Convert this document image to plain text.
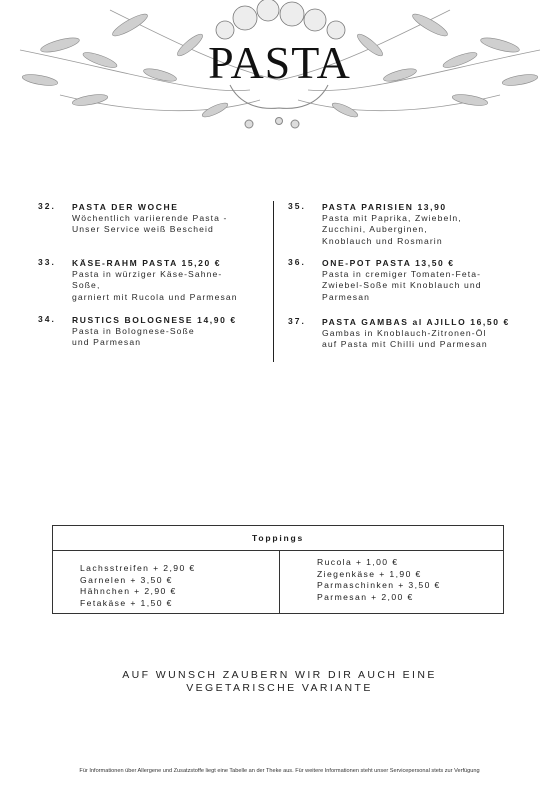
PASTA
32. PASTA DER WOCHE
Wöchentlich variierende Pasta -
Unser Service weiß Bescheid
33. KÄSE-RAHM PASTA 15,20 €
Pasta in würziger Käse-Sahne-
Soße,
garniert mit Rucola und Parmesan
34. RUSTICS BOLOGNESE 14,90 €
Pasta in Bolognese-Soße
und Parmesan
35. PASTA PARISIEN 13,90
Pasta mit Paprika, Zwiebeln,
Zucchini, Auberginen,
Knoblauch und Rosmarin
36. ONE-POT PASTA 13,50 €
Pasta in cremiger Tomaten-Feta-
Zwiebel-Soße mit Knoblauch und
Parmesan
37. PASTA GAMBAS al AJILLO 16,50 €
Gambas in Knoblauch-Zitronen-Öl
auf Pasta mit Chilli und Parmesan
Toppings
Lachsstreifen + 2,90 €
Garnelen + 3,50 €
Hähnchen + 2,90 €
Fetakäse + 1,50 €
Rucola + 1,00 €
Ziegenkäse + 1,90 €
Parmaschinken + 3,50 €
Parmesan + 2,00 €
AUF WUNSCH ZAUBERN WIR DIR AUCH EINE
VEGETARISCHE VARIANTE
Für Informationen über Allergene und Zusatzstoffe liegt eine Tabelle an der Theke aus. Für weitere Informationen steht unser Servicepersonal stets zur Verfügung
